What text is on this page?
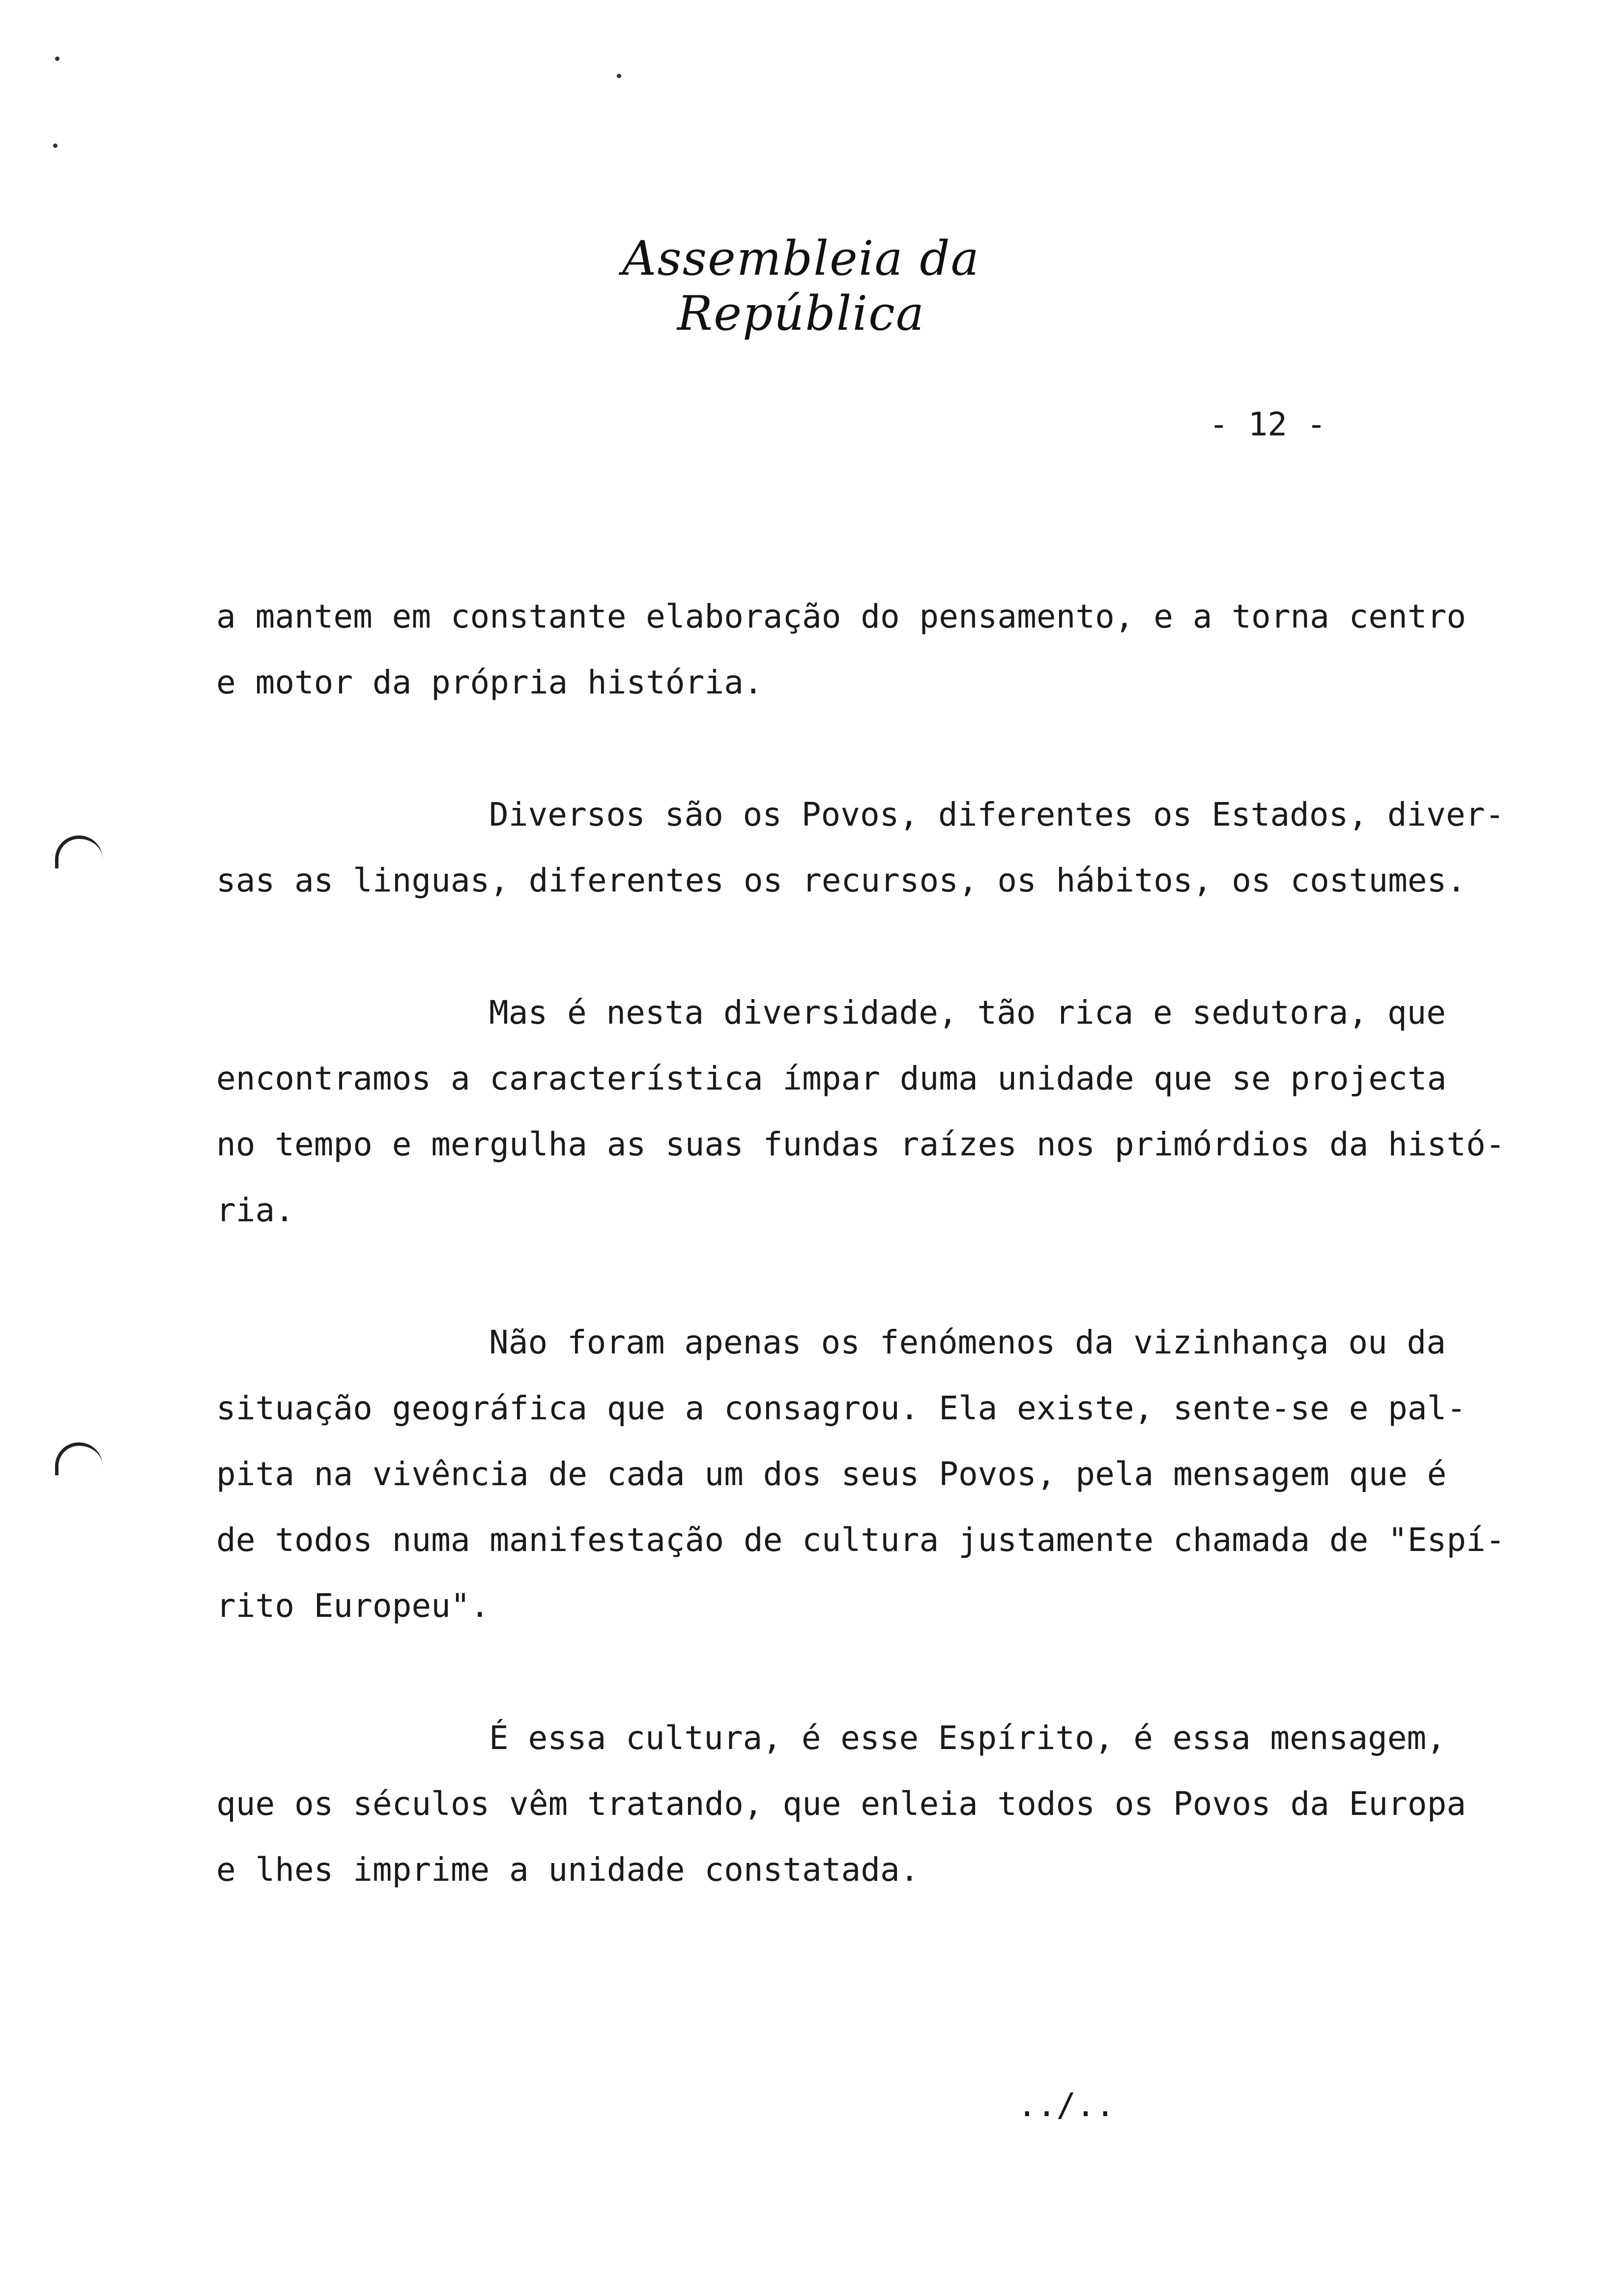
Assembleia da República
- 12 -
a mantem em constante elaboração do pensamento, e a torna centro
e motor da própria história.
Diversos são os Povos, diferentes os Estados, diver-
sas as linguas, diferentes os recursos, os hábitos, os costumes.
Mas é nesta diversidade, tão rica e sedutora, que
encontramos a característica ímpar duma unidade que se projecta
no tempo e mergulha as suas fundas raízes nos primórdios da histó-
ria.
Não foram apenas os fenómenos da vizinhança ou da
situação geográfica que a consagrou. Ela existe, sente-se e pal-
pita na vivência de cada um dos seus Povos, pela mensagem que é
de todos numa manifestação de cultura justamente chamada de "Espí-
rito Europeu".
É essa cultura, é esse Espírito, é essa mensagem,
que os séculos vêm tratando, que enleia todos os Povos da Europa
e lhes imprime a unidade constatada.
../..
